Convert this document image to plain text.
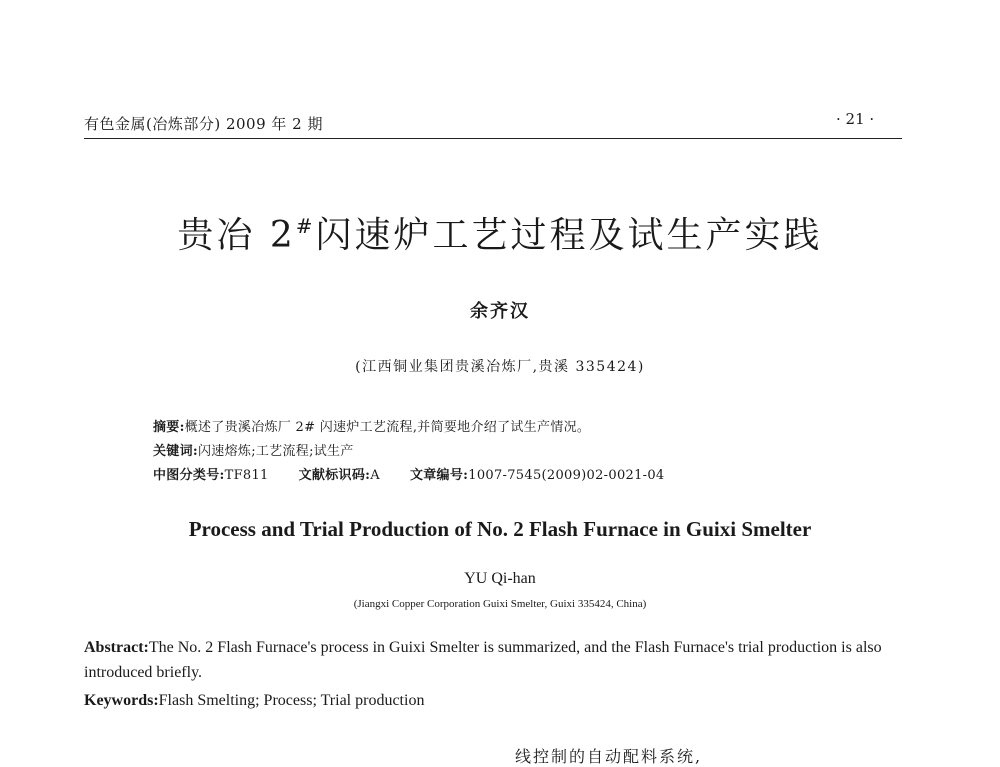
有色金属(冶炼部分) 2009 年 2 期	· 21 ·
贵冶 2#闪速炉工艺过程及试生产实践
余齐汉
(江西铜业集团贵溪冶炼厂,贵溪 335424)
摘要:概述了贵溪冶炼厂 2# 闪速炉工艺流程,并简要地介绍了试生产情况。
关键词:闪速熔炼;工艺流程;试生产
中图分类号:TF811 文献标识码:A 文章编号:1007-7545(2009)02-0021-04
Process and Trial Production of No. 2 Flash Furnace in Guixi Smelter
YU Qi-han
(Jiangxi Copper Corporation Guixi Smelter, Guixi 335424, China)
Abstract:The No. 2 Flash Furnace's process in Guixi Smelter is summarized, and the Flash Furnace's trial production is also introduced briefly.
Keywords:Flash Smelting; Process; Trial production
线控制的自动配料系统,
